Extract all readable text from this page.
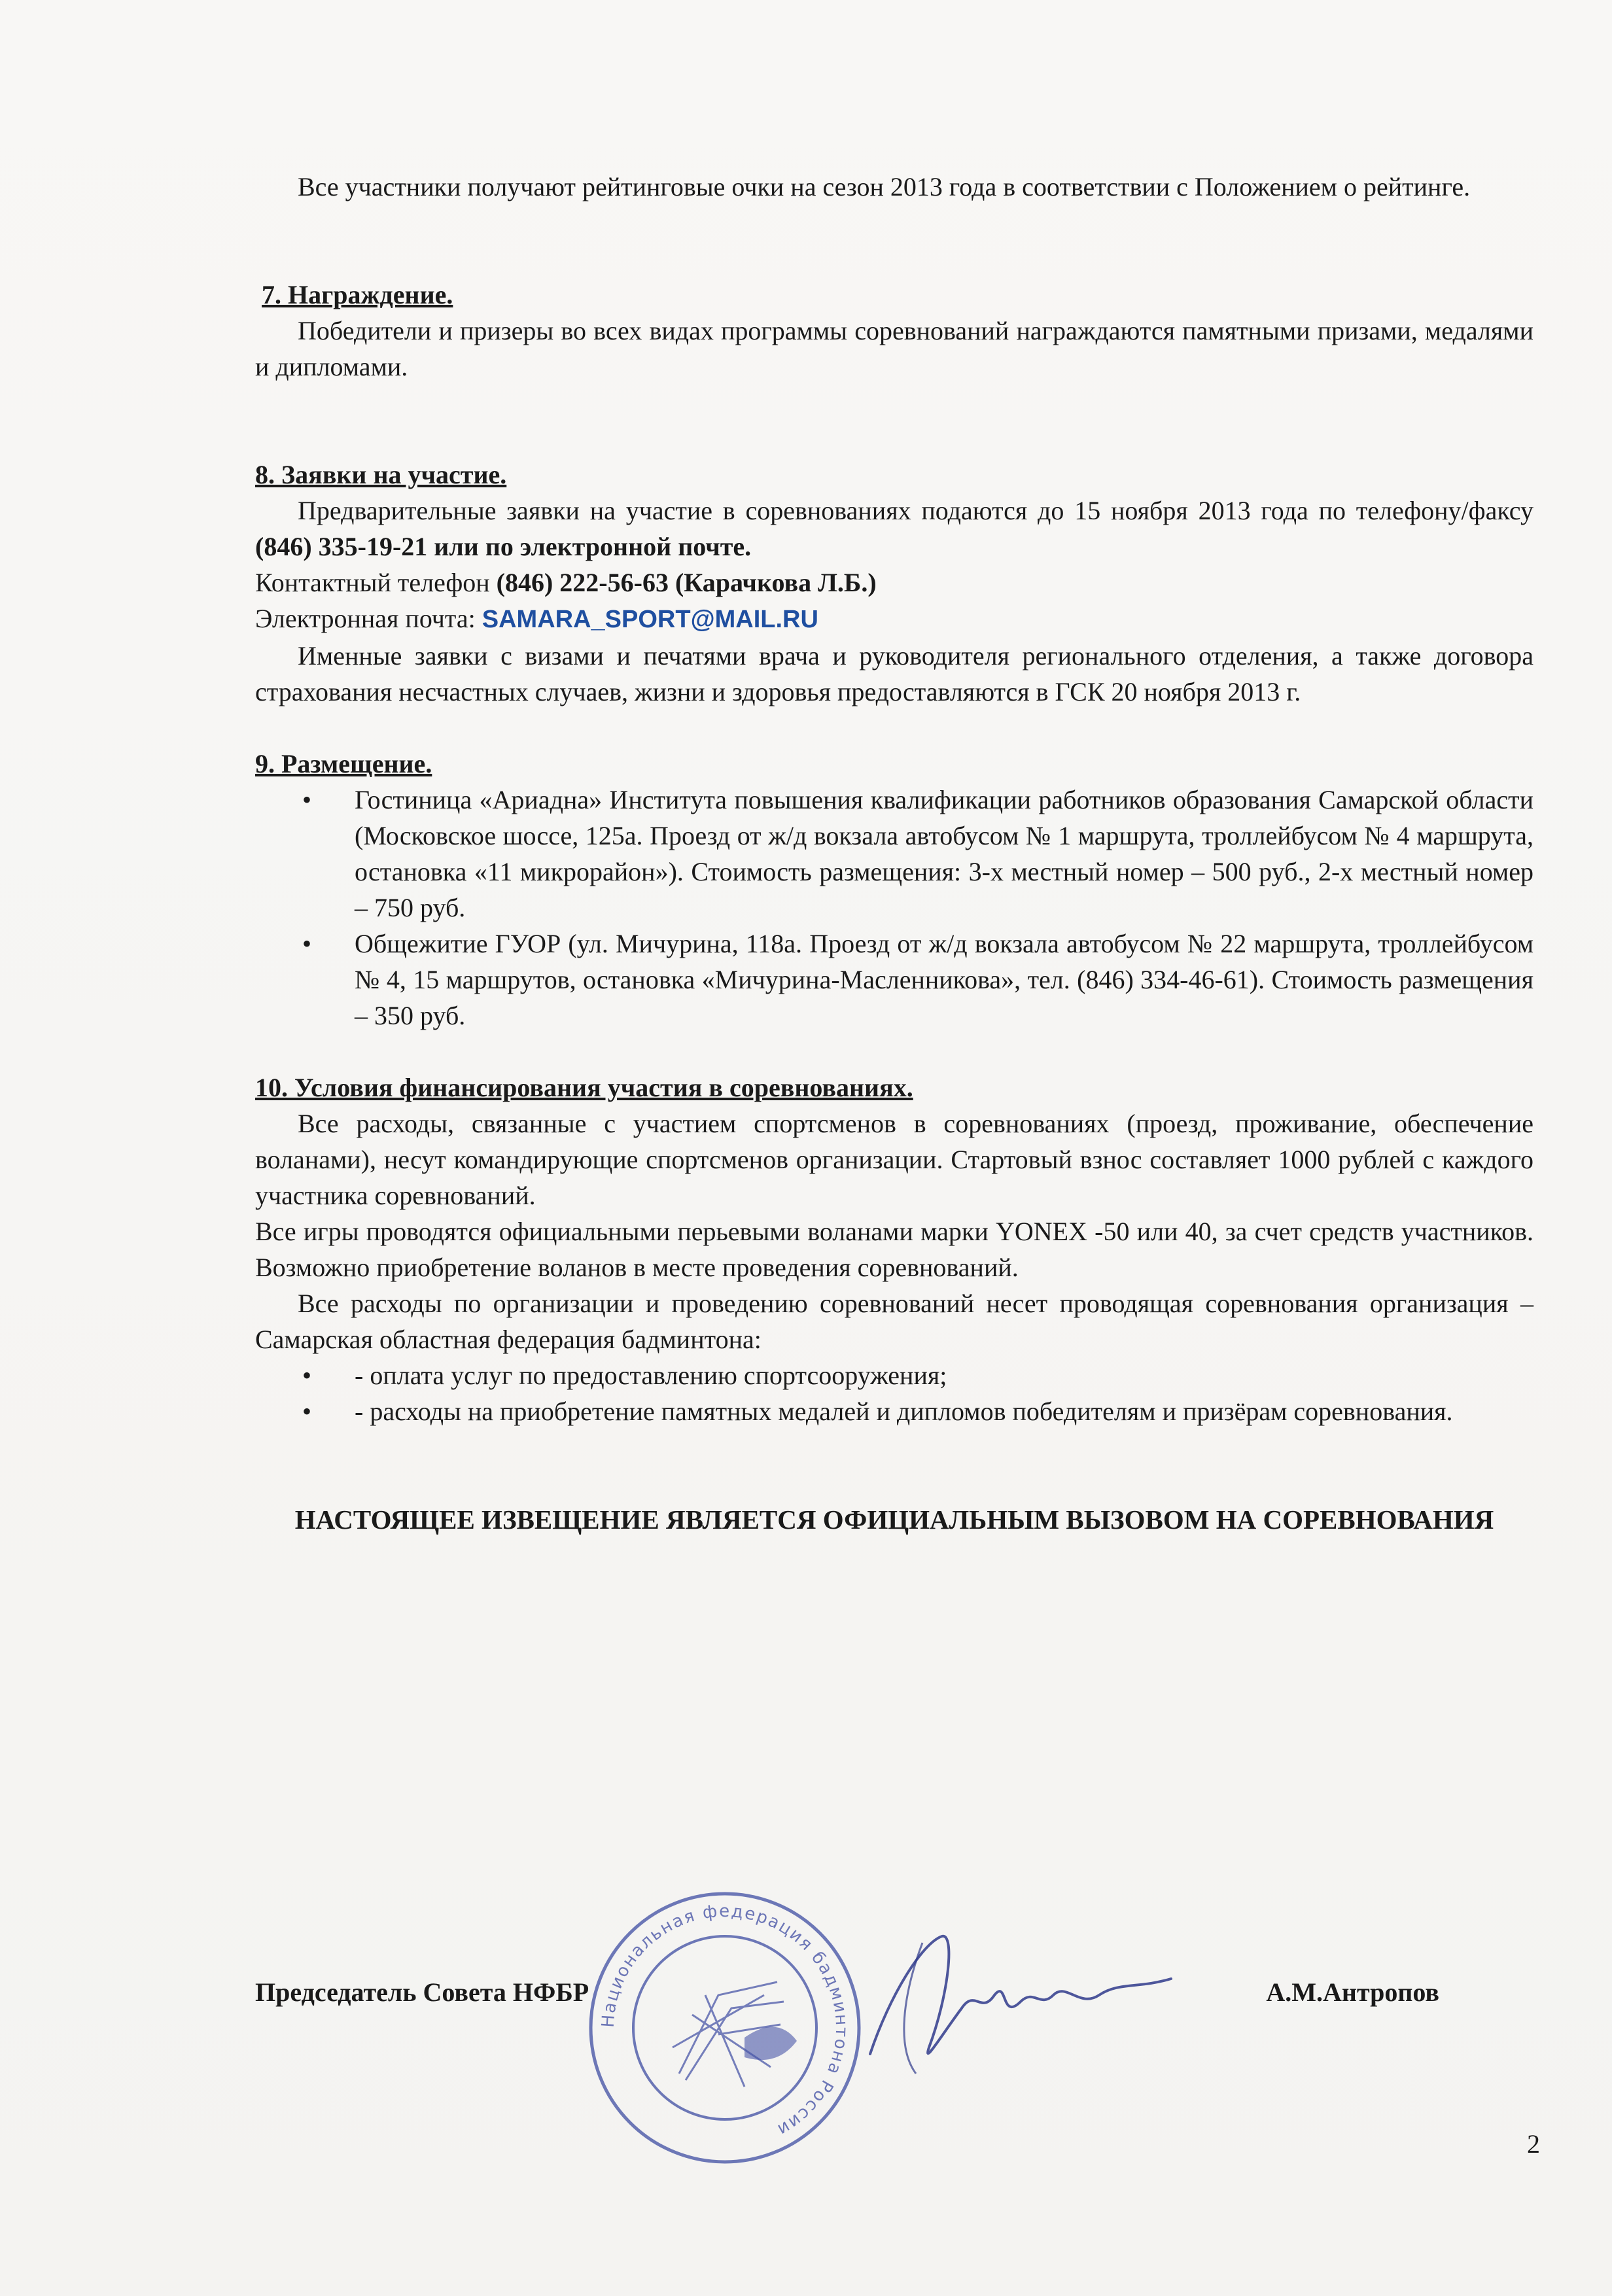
Все участники получают рейтинговые очки на сезон 2013 года в соответствии с Положением о рейтинге.

7. Награждение.

Победители и призеры во всех видах программы соревнований награждаются памятными призами, медалями и дипломами.

8. Заявки на участие.

Предварительные заявки на участие в соревнованиях подаются до 15 ноября 2013 года по телефону/факсу (846) 335-19-21 или по электронной почте.

Контактный телефон (846) 222-56-63 (Карачкова Л.Б.)

Электронная почта: SAMARA_SPORT@MAIL.RU

Именные заявки с визами и печатями врача и руководителя регионального отделения, а также договора страхования несчастных случаев, жизни и здоровья предоставляются в ГСК 20 ноября 2013 г.

9. Размещение.

• Гостиница «Ариадна» Института повышения квалификации работников образования Самарской области (Московское шоссе, 125а. Проезд от ж/д вокзала автобусом № 1 маршрута, троллейбусом № 4 маршрута, остановка «11 микрорайон»). Стоимость размещения: 3-х местный номер – 500 руб., 2-х местный номер – 750 руб.
• Общежитие ГУОР (ул. Мичурина, 118а. Проезд от ж/д вокзала автобусом № 22 маршрута, троллейбусом № 4, 15 маршрутов, остановка «Мичурина-Масленникова», тел. (846) 334-46-61). Стоимость размещения – 350 руб.

10. Условия финансирования участия в соревнованиях.

Все расходы, связанные с участием спортсменов в соревнованиях (проезд, проживание, обеспечение воланами), несут командирующие спортсменов организации. Стартовый взнос составляет 1000 рублей с каждого участника соревнований.

Все игры проводятся официальными перьевыми воланами марки YONEX -50 или 40, за счет средств участников. Возможно приобретение воланов в месте проведения соревнований.

Все расходы по организации и проведению соревнований несет проводящая соревнования организация – Самарская областная федерация бадминтона:

• - оплата услуг по предоставлению спортсооружения;
• - расходы на приобретение памятных медалей и дипломов победителям и призёрам соревнования.

НАСТОЯЩЕЕ ИЗВЕЩЕНИЕ ЯВЛЯЕТСЯ ОФИЦИАЛЬНЫМ ВЫЗОВОМ НА СОРЕВНОВАНИЯ

Председатель Совета НФБР	А.М.Антропов
Национальная федерация бадминтона России
2
